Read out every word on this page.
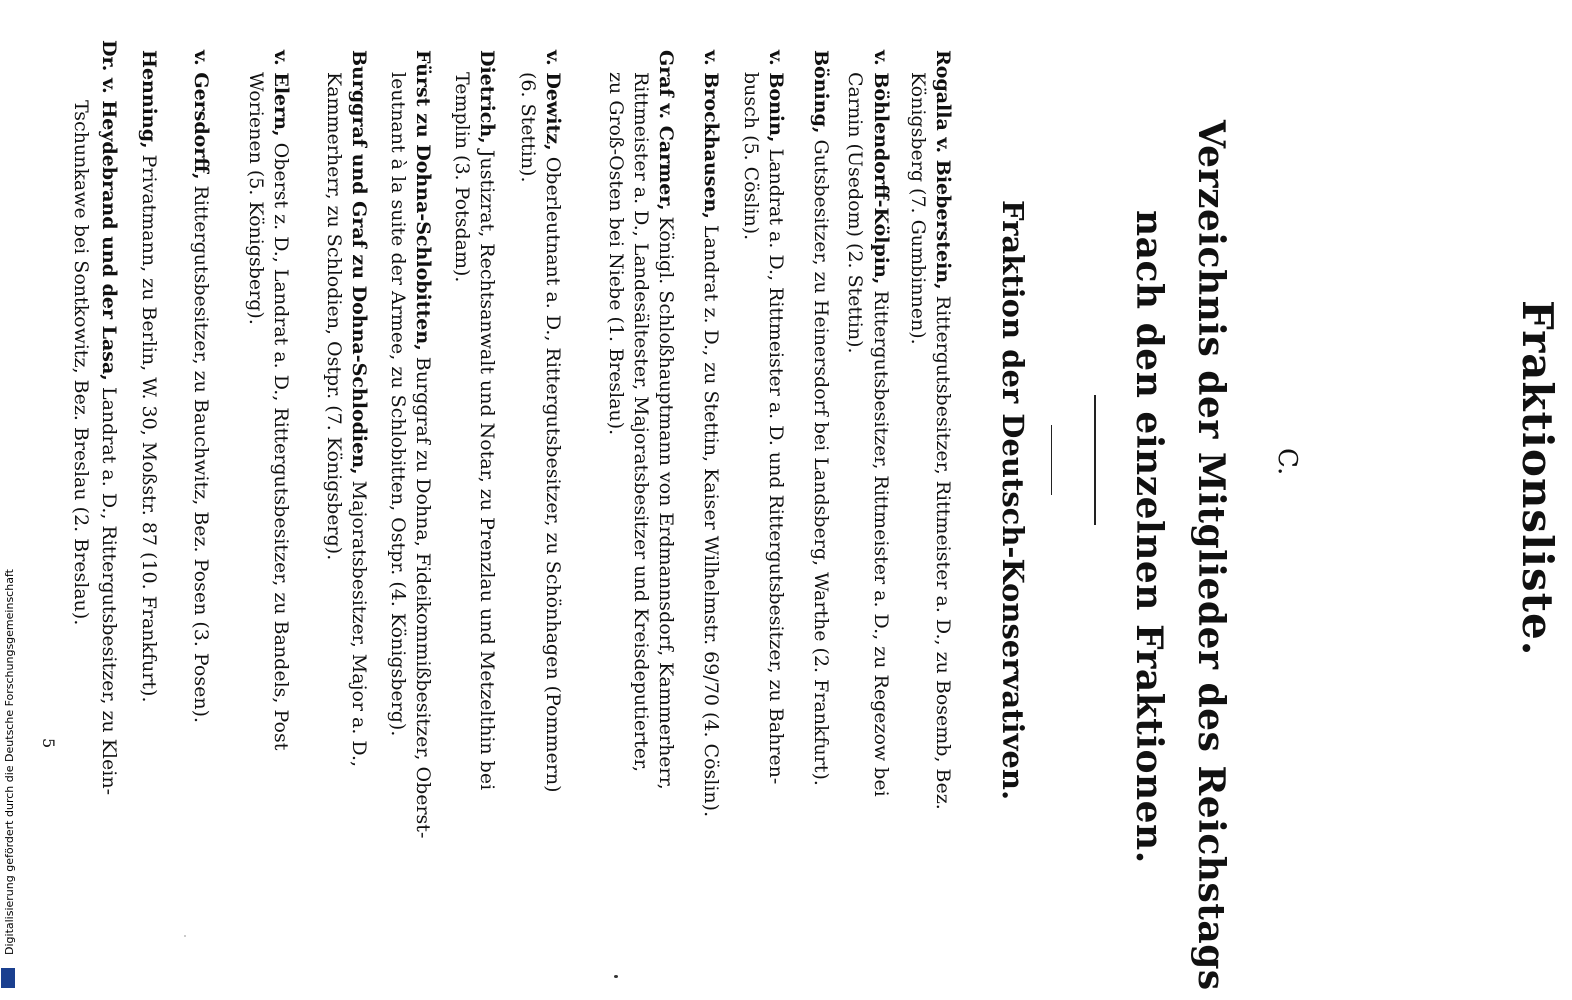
Fraktionsliste.
C.
Verzeichnis der Mitglieder des Reichstags
nach den einzelnen Fraktionen.
Fraktion der Deutsch-Konservativen.
Rogalla v. Bieberstein, Rittergutsbesitzer, Rittmeister a. D., zu Bosemb, Bez.
Königsberg (7. Gumbinnen).
v. Böhlendorff-Kölpin, Rittergutsbesitzer, Rittmeister a. D., zu Regezow bei
Carnin (Usedom) (2. Stettin).
Böning, Gutsbesitzer, zu Heinersdorf bei Landsberg, Warthe (2. Frankfurt).
v. Bonin, Landrat a. D., Rittmeister a. D. und Rittergutsbesitzer, zu Bahren-
busch (5. Cöslin).
v. Brockhausen, Landrat z. D., zu Stettin, Kaiser Wilhelmstr. 69/70 (4. Cöslin).
Graf v. Carmer, Königl. Schloßhauptmann von Erdmannsdorf, Kammerherr,
Rittmeister a. D., Landesältester, Majoratsbesitzer und Kreisdeputierter,
zu Groß-Osten bei Niebe (1. Breslau).
v. Dewitz, Oberleutnant a. D., Rittergutsbesitzer, zu Schönhagen (Pommern)
(6. Stettin).
Dietrich, Justizrat, Rechtsanwalt und Notar, zu Prenzlau und Metzelthin bei
Templin (3. Potsdam).
Fürst zu Dohna-Schlobitten, Burggraf zu Dohna, Fideikommißbesitzer, Oberst-
leutnant à la suite der Armee, zu Schlobitten, Ostpr. (4. Königsberg).
Burggraf und Graf zu Dohna-Schlodien, Majoratsbesitzer, Major a. D.,
Kammerherr, zu Schlodien, Ostpr. (7. Königsberg).
v. Elern, Oberst z. D., Landrat a. D., Rittergutsbesitzer, zu Bandels, Post
Worienen (5. Königsberg).
v. Gersdorff, Rittergutsbesitzer, zu Bauchwitz, Bez. Posen (3. Posen).
Henning, Privatmann, zu Berlin, W. 30, Moßstr. 87 (10. Frankfurt).
Dr. v. Heydebrand und der Lasa, Landrat a. D., Rittergutsbesitzer, zu Klein-
Tschunkawe bei Sontkowitz, Bez. Breslau (2. Breslau).
5
Digitalisierung gefördert durch die Deutsche Forschungsgemeinschaft
